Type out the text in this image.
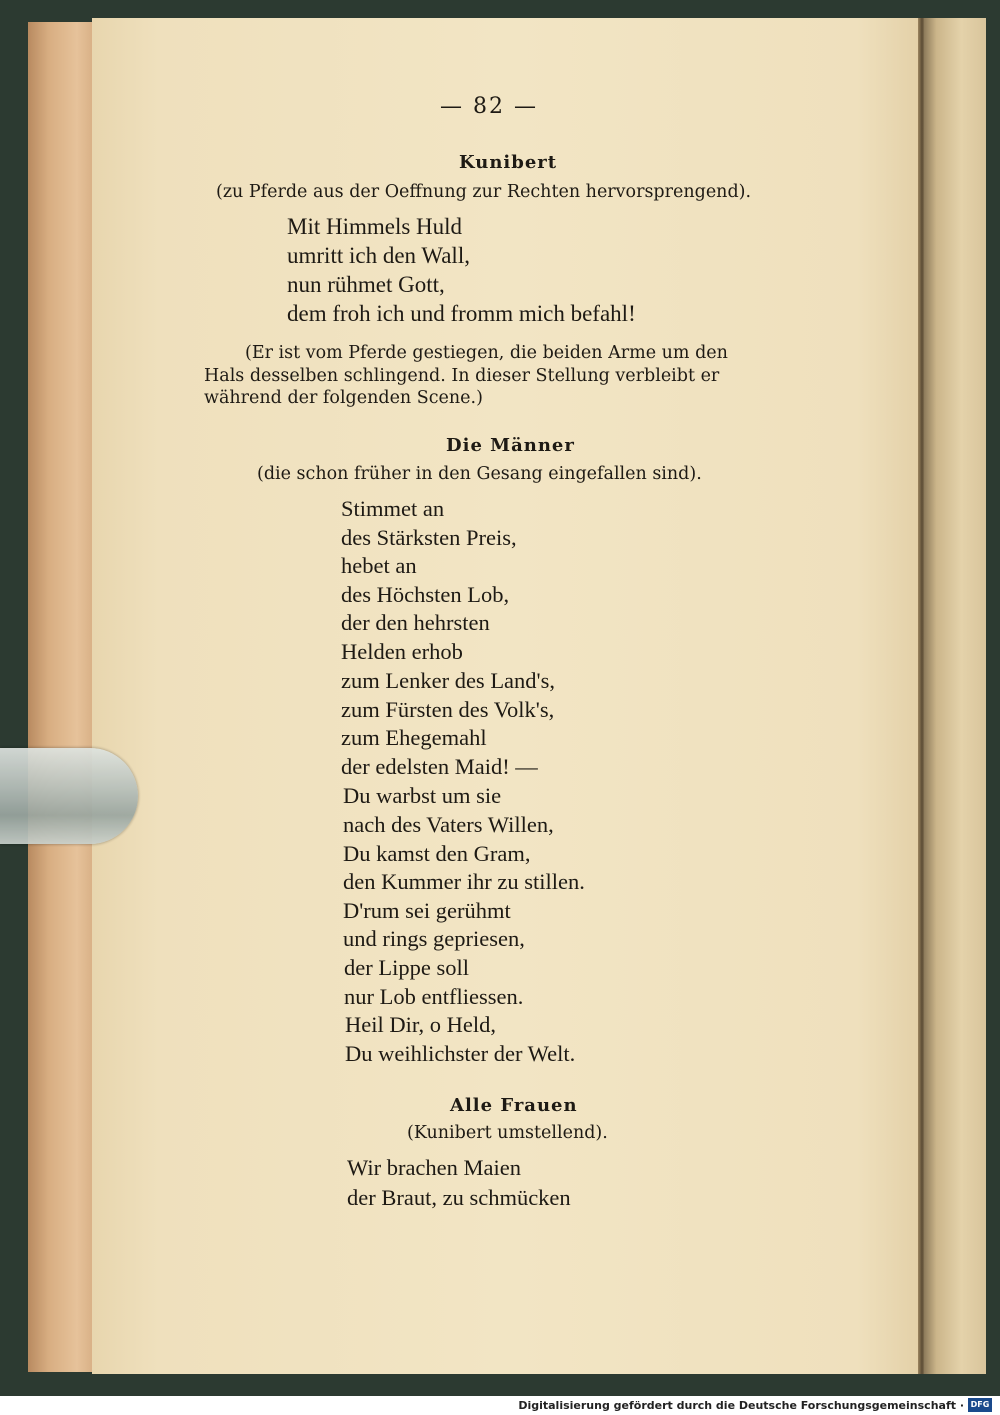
— 82 —
Kunibert
(zu Pferde aus der Oeffnung zur Rechten hervorsprengend).
Mit Himmels Huld
umritt ich den Wall,
nun rühmet Gott,
dem froh ich und fromm mich befahl!
(Er ist vom Pferde gestiegen, die beiden Arme um den
Hals desselben schlingend. In dieser Stellung verbleibt er
während der folgenden Scene.)
Die Männer
(die schon früher in den Gesang eingefallen sind).
Stimmet an
des Stärksten Preis,
hebet an
des Höchsten Lob,
der den hehrsten
Helden erhob
zum Lenker des Land's,
zum Fürsten des Volk's,
zum Ehegemahl
der edelsten Maid! —
Du warbst um sie
nach des Vaters Willen,
Du kamst den Gram,
den Kummer ihr zu stillen.
D'rum sei gerühmt
und rings gepriesen,
der Lippe soll
nur Lob entfliessen.
Heil Dir, o Held,
Du weihlichster der Welt.
Alle Frauen
(Kunibert umstellend).
Wir brachen Maien
der Braut, zu schmücken
Digitalisierung gefördert durch die Deutsche Forschungsgemeinschaft · DFG
